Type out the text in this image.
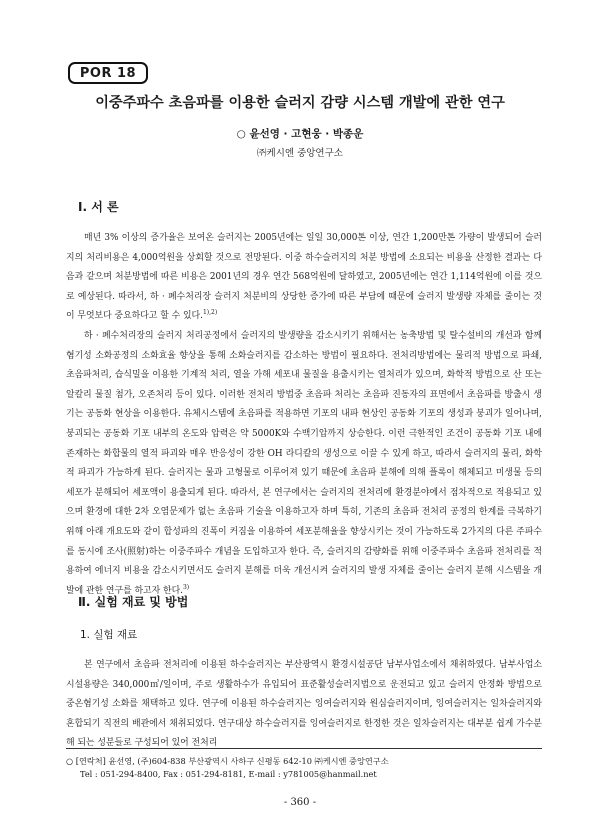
POR 18
이중주파수 초음파를 이용한 슬러지 감량 시스템 개발에 관한 연구
○ 윤선영 · 고현웅 · 박종운
㈜케시엔 중앙연구소
Ⅰ. 서 론

매년 3% 이상의 증가율은 보여온 슬러지는 2005년에는 일일 30,000톤 이상, 연간 1,200만톤 가량이 발생되어 슬러지의 처리비용은 4,000억원을 상회할 것으로 전망된다. 이중 하수슬러지의 처분 방법에 소요되는 비용을 산정한 결과는 다음과 같으며 처분방법에 따른 비용은 2001년의 경우 연간 568억원에 달하였고, 2005년에는 연간 1,114억원에 이를 것으로 예상된다. 따라서, 하 · 폐수처리장 슬러지 처분비의 상당한 증가에 따른 부담에 때문에 슬러지 발생량 자체를 줄이는 것이 무엇보다 중요하다고 할 수 있다.$^{1),2)}$

하 · 폐수처리장의 슬러지 처리공정에서 슬러지의 발생량을 감소시키기 위해서는 농축방법 및 탈수설비의 개선과 함께 혐기성 소화공정의 소화효율 향상을 통해 소화슬러지를 감소하는 방법이 필요하다. 전처리방법에는 물리적 방법으로 파쇄, 초음파처리, 습식밀을 이용한 기계적 처리, 열을 가해 세포내 물질을 용출시키는 열처리가 있으며, 화학적 방법으로 산 또는 알칼리 물질 첨가, 오존처리 등이 있다. 이러한 전처리 방법중 초음파 처리는 초음파 진동자의 표면에서 초음파를 방출시 생기는 공동화 현상을 이용한다. 유체시스템에 초음파를 적용하면 기포의 내파 현상인 공동화 기포의 생성과 붕괴가 일어나며, 붕괴되는 공동화 기포 내부의 온도와 압력은 약 5000K와 수백기압까지 상승한다. 이런 극한적인 조건이 공동화 기포 내에 존재하는 화합물의 열적 파괴와 매우 반응성이 강한 OH 라디칼의 생성으로 이끌 수 있게 하고, 따라서 슬러지의 물리, 화학적 파괴가 가능하게 된다. 슬러지는 물과 고형물로 이루어져 있기 때문에 초음파 분해에 의해 플록이 해체되고 미생물 등의 세포가 분해되어 세포액이 용출되게 된다. 따라서, 본 연구에서는 슬러지의 전처리에 환경분야에서 점차적으로 적용되고 있으며 환경에 대한 2차 오염문제가 없는 초음파 기술을 이용하고자 하며 특히, 기존의 초음파 전처리 공정의 한계를 극복하기 위해 아래 개요도와 같이 합성파의 진폭이 커짐을 이용하여 세포분해율을 향상시키는 것이 가능하도록 2가지의 다른 주파수를 동시에 조사(照射)하는 이중주파수 개념을 도입하고자 한다. 즉, 슬러지의 감량화를 위해 이중주파수 초음파 전처리를 적용하여 에너지 비용을 감소시키면서도 슬러지 분해를 더욱 개선시켜 슬러지의 발생 자체를 줄이는 슬러지 분해 시스템을 개발에 관한 연구를 하고자 한다.$^{3)}$

Ⅱ. 실험 재료 및 방법
1. 실험 재료

본 연구에서 초음파 전처리에 이용된 하수슬러지는 부산광역시 환경시설공단 남부사업소에서 채취하였다. 남부사업소 시설용량은 340,000㎥/일이며, 주로 생활하수가 유입되어 표준활성슬러지법으로 운전되고 있고 슬러지 안정화 방법으로 중온혐기성 소화를 채택하고 있다. 연구에 이용된 하수슬러지는 잉여슬러지와 원심슬러지이며, 잉여슬러지는 일차슬러지와 혼합되기 직전의 배관에서 채취되었다. 연구대상 하수슬러지를 잉여슬러지로 한정한 것은 일차슬러지는 대부분 쉽게 가수분해 되는 성분들로 구성되어 있어 전처리

○ [연락처] 윤선영, (주)604-838 부산광역시 사하구 신평동 642-10 ㈜케시엔 중앙연구소
Tel : 051-294-8400, Fax : 051-294-8181, E-mail : y781005@hanmail.net
- 360 -
